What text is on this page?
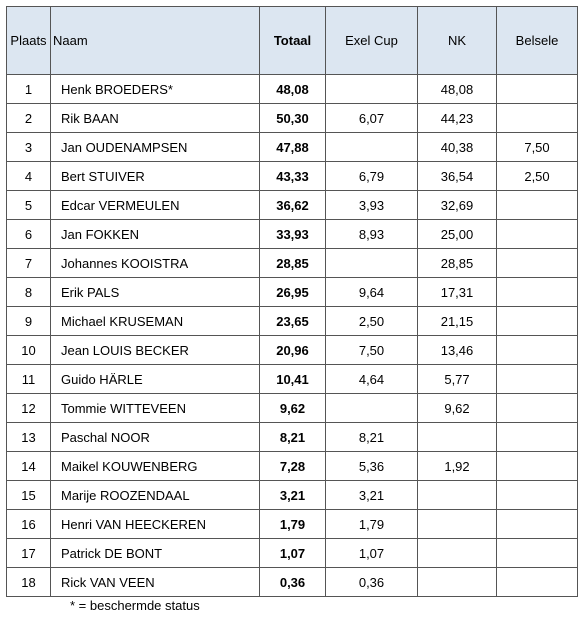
Plaats	Naam	Totaal	Exel Cup	NK	Belsele
1	Henk BROEDERS*	48,08		48,08	
2	Rik BAAN	50,30	6,07	44,23	
3	Jan OUDENAMPSEN	47,88		40,38	7,50
4	Bert STUIVER	43,33	6,79	36,54	2,50
5	Edcar VERMEULEN	36,62	3,93	32,69	
6	Jan FOKKEN	33,93	8,93	25,00	
7	Johannes KOOISTRA	28,85		28,85	
8	Erik PALS	26,95	9,64	17,31	
9	Michael KRUSEMAN	23,65	2,50	21,15	
10	Jean LOUIS BECKER	20,96	7,50	13,46	
11	Guido HÄRLE	10,41	4,64	5,77	
12	Tommie WITTEVEEN	9,62		9,62	
13	Paschal NOOR	8,21	8,21		
14	Maikel KOUWENBERG	7,28	5,36	1,92	
15	Marije ROOZENDAAL	3,21	3,21		
16	Henri VAN HEECKEREN	1,79	1,79		
17	Patrick DE BONT	1,07	1,07		
18	Rick VAN VEEN	0,36	0,36		
* = beschermde status
